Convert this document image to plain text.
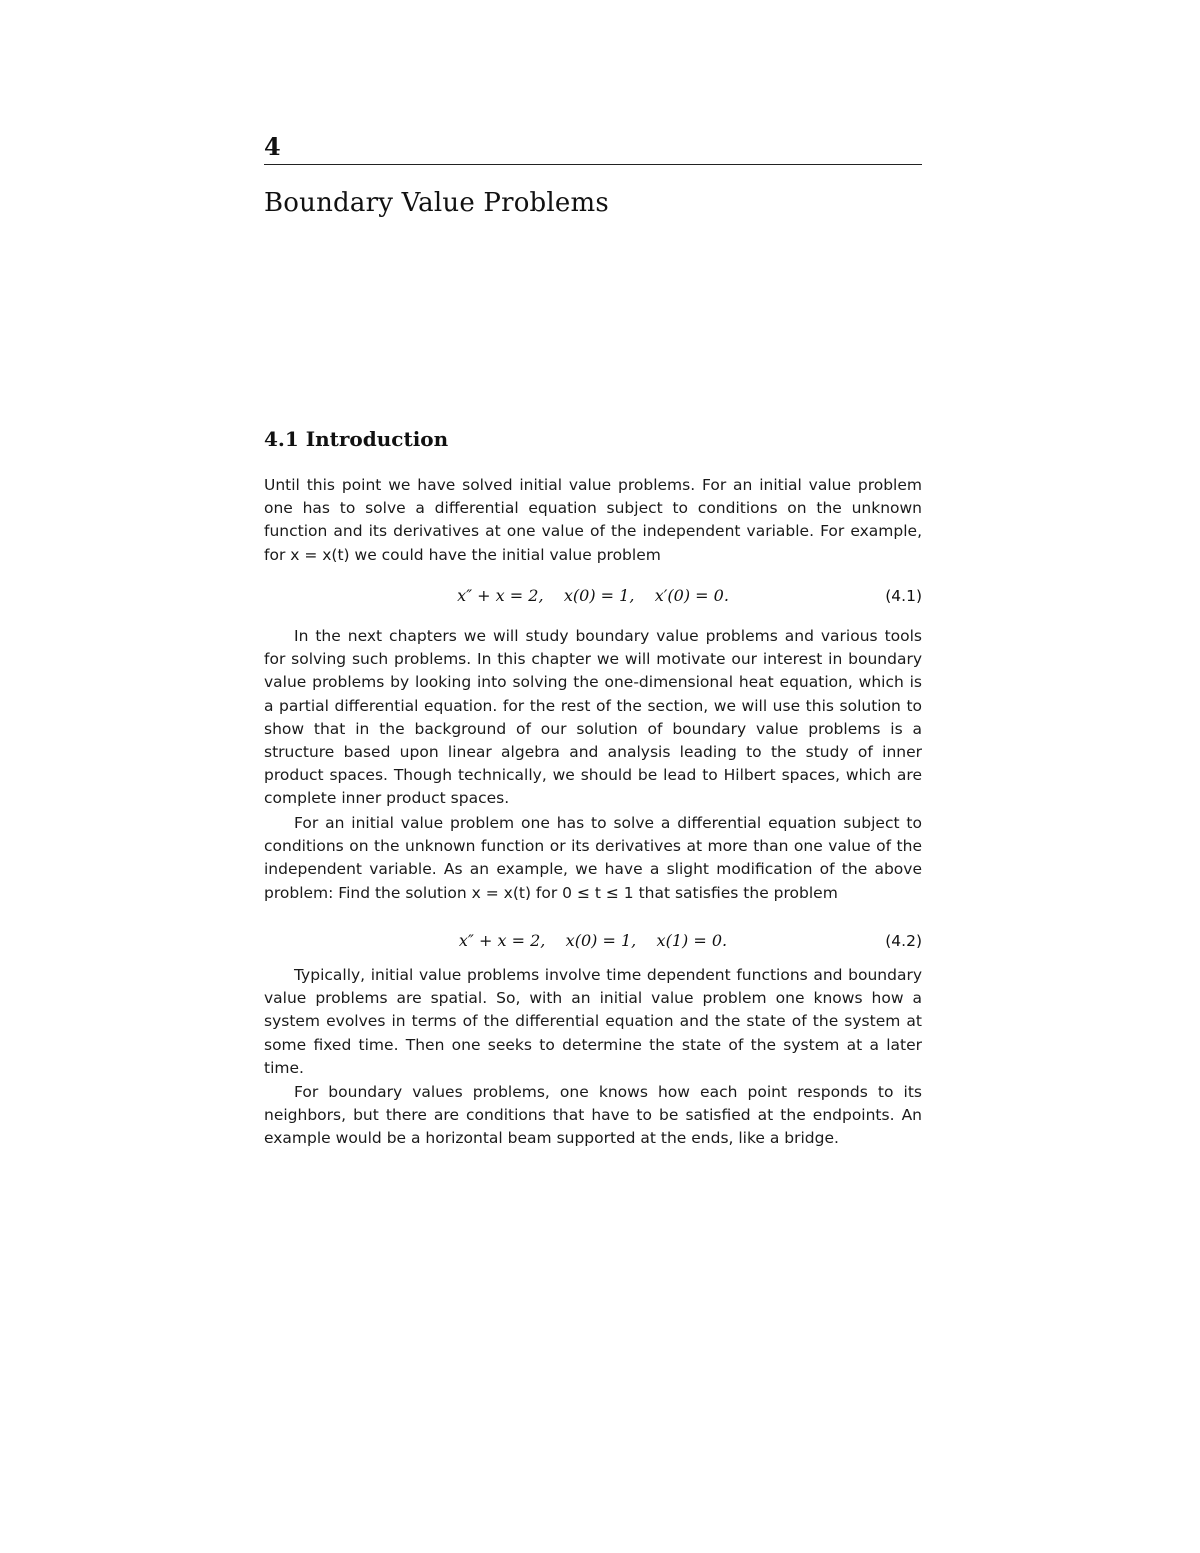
4
Boundary Value Problems
4.1 Introduction

Until this point we have solved initial value problems. For an initial value problem one has to solve a differential equation subject to conditions on the unknown function and its derivatives at one value of the independent variable. For example, for x = x(t) we could have the initial value problem

x″ + x = 2,    x(0) = 1,    x′(0) = 0.	(4.1)

In the next chapters we will study boundary value problems and various tools for solving such problems. In this chapter we will motivate our interest in boundary value problems by looking into solving the one-dimensional heat equation, which is a partial differential equation. for the rest of the section, we will use this solution to show that in the background of our solution of boundary value problems is a structure based upon linear algebra and analysis leading to the study of inner product spaces. Though technically, we should be lead to Hilbert spaces, which are complete inner product spaces.

For an initial value problem one has to solve a differential equation subject to conditions on the unknown function or its derivatives at more than one value of the independent variable. As an example, we have a slight modification of the above problem: Find the solution x = x(t) for 0 ≤ t ≤ 1 that satisfies the problem

x″ + x = 2,    x(0) = 1,    x(1) = 0.	(4.2)

Typically, initial value problems involve time dependent functions and boundary value problems are spatial. So, with an initial value problem one knows how a system evolves in terms of the differential equation and the state of the system at some fixed time. Then one seeks to determine the state of the system at a later time.

For boundary values problems, one knows how each point responds to its neighbors, but there are conditions that have to be satisfied at the endpoints. An example would be a horizontal beam supported at the ends, like a bridge.
